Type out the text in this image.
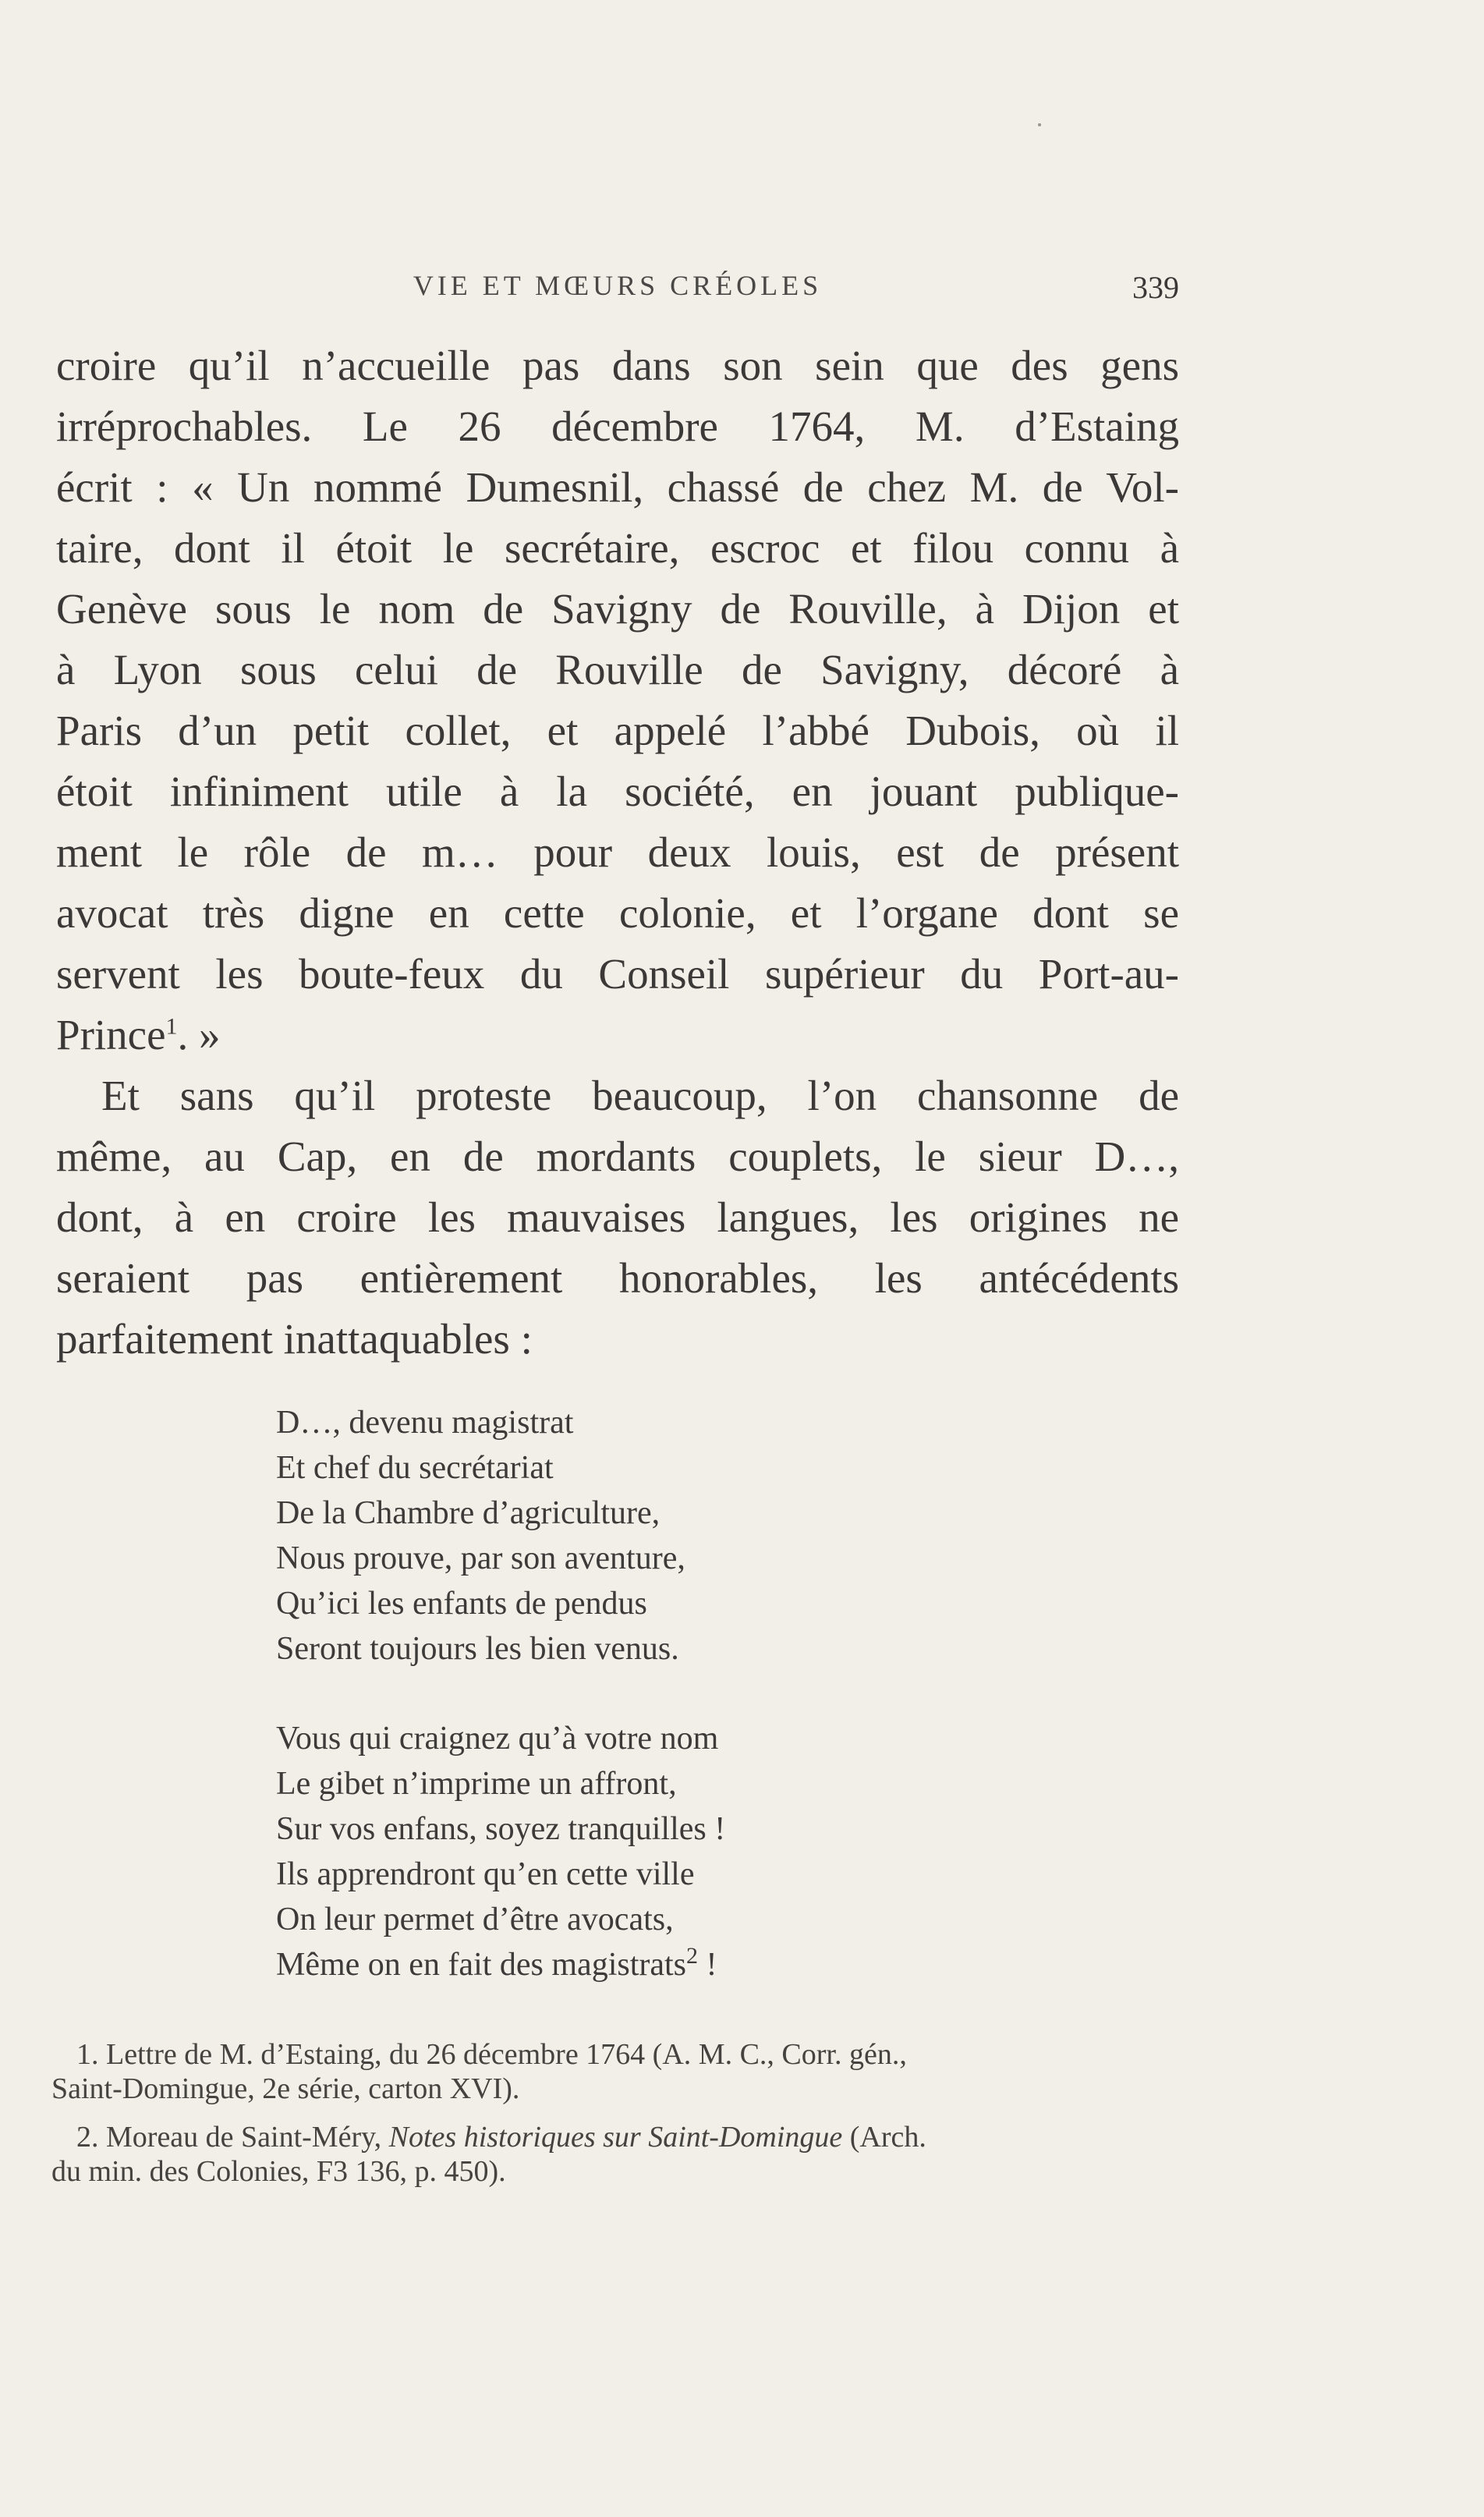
VIE ET MŒURS CRÉOLES	339
croire qu’il n’accueille pas dans son sein que des gens
irréprochables. Le 26 décembre 1764, M. d’Estaing
écrit : « Un nommé Dumesnil, chassé de chez M. de Vol-
taire, dont il étoit le secrétaire, escroc et filou connu à
Genève sous le nom de Savigny de Rouville, à Dijon et
à Lyon sous celui de Rouville de Savigny, décoré à
Paris d’un petit collet, et appelé l’abbé Dubois, où il
étoit infiniment utile à la société, en jouant publique-
ment le rôle de m… pour deux louis, est de présent
avocat très digne en cette colonie, et l’organe dont se
servent les boute-feux du Conseil supérieur du Port-au-
Prince$^1$. »
Et sans qu’il proteste beaucoup, l’on chansonne de
même, au Cap, en de mordants couplets, le sieur D…,
dont, à en croire les mauvaises langues, les origines ne
seraient pas entièrement honorables, les antécédents
parfaitement inattaquables :
D…, devenu magistrat
Et chef du secrétariat
De la Chambre d’agriculture,
Nous prouve, par son aventure,
Qu’ici les enfants de pendus
Seront toujours les bien venus.
Vous qui craignez qu’à votre nom
Le gibet n’imprime un affront,
Sur vos enfans, soyez tranquilles !
Ils apprendront qu’en cette ville
On leur permet d’être avocats,
Même on en fait des magistrats$^2$ !
1. Lettre de M. d’Estaing, du 26 décembre 1764 (A. M. C., Corr. gén.,
Saint-Domingue, 2e série, carton XVI).
2. Moreau de Saint-Méry, Notes historiques sur Saint-Domingue (Arch.
du min. des Colonies, F3 136, p. 450).
